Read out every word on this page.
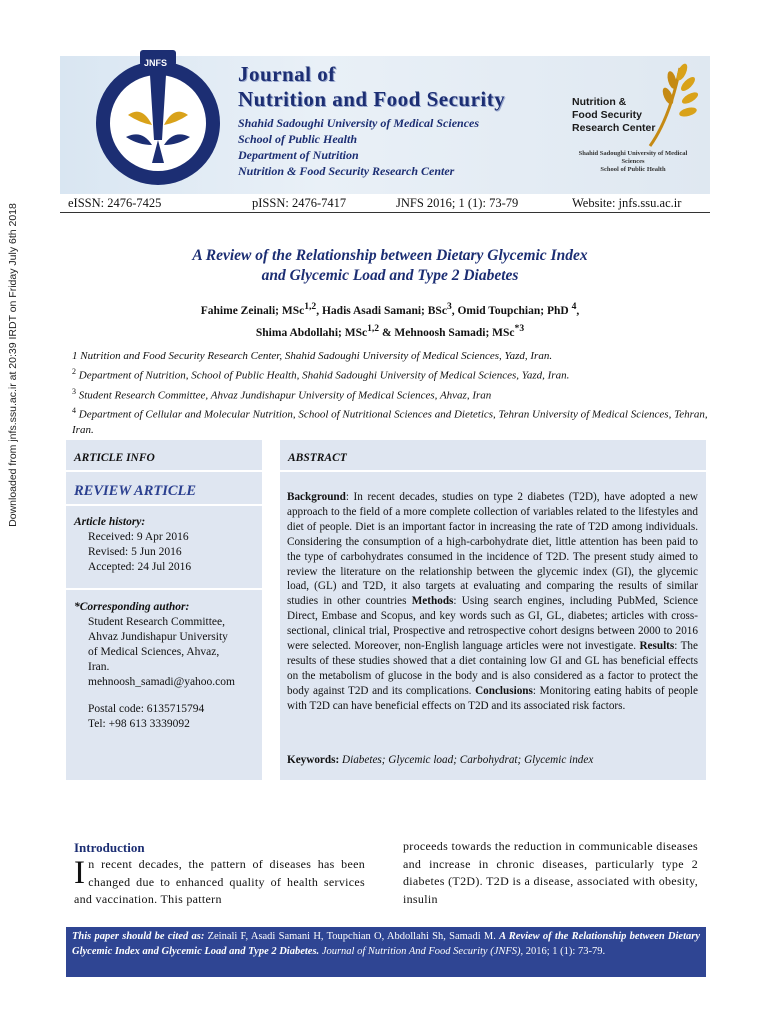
Downloaded from jnfs.ssu.ac.ir at 20:39 IRDT on Friday July 6th 2018
JNFS	Journal of
Nutrition and Food Security
Shahid Sadoughi University of Medical Sciences
School of Public Health
Department of Nutrition
Nutrition & Food Security Research Center
Nutrition &
Food Security
Research Center
Shahid Sadoughi University of Medical Sciences
School of Public Health
eISSN: 2476-7425	pISSN: 2476-7417	JNFS 2016; 1 (1): 73-79	Website: jnfs.ssu.ac.ir
A Review of the Relationship between Dietary Glycemic Index
and Glycemic Load and Type 2 Diabetes
Fahime Zeinali; MSc$^{1,2}$, Hadis Asadi Samani; BSc$^3$, Omid Toupchian; PhD $^4$,
Shima Abdollahi; MSc$^{1,2}$ & Mehnoosh Samadi; MSc$^{*3}$
1 Nutrition and Food Security Research Center, Shahid Sadoughi University of Medical Sciences, Yazd, Iran.
$^2$ Department of Nutrition, School of Public Health, Shahid Sadoughi University of Medical Sciences, Yazd, Iran.
$^3$ Student Research Committee, Ahvaz Jundishapur University of Medical Sciences, Ahvaz, Iran
$^4$ Department of Cellular and Molecular Nutrition, School of Nutritional Sciences and Dietetics, Tehran University of Medical Sciences, Tehran, Iran.
ARTICLE INFO	ABSTRACT
REVIEW ARTICLE
Article history:
Received: 9 Apr 2016
Revised: 5 Jun 2016
Accepted: 24 Jul 2016
*Corresponding author:
Student Research Committee,
Ahvaz Jundishapur University
of Medical Sciences, Ahvaz,
Iran.
mehnoosh_samadi@yahoo.com
Postal code: 6135715794
Tel: +98 613 3339092
Background: In recent decades, studies on type 2 diabetes (T2D), have adopted a new approach to the field of a more complete collection of variables related to the lifestyles and diet of people. Diet is an important factor in increasing the rate of T2D among individuals. Considering the consumption of a high-carbohydrate diet, little attention has been paid to the type of carbohydrates consumed in the incidence of T2D. The present study aimed to review the literature on the relationship between the glycemic index (GI), the glycemic load, (GL) and T2D, it also targets at evaluating and comparing the results of similar studies in other countries Methods: Using search engines, including PubMed, Science Direct, Embase and Scopus, and key words such as GI, GL, diabetes; articles with cross-sectional, clinical trial, Prospective and retrospective cohort designs between 2000 to 2016 were selected. Moreover, non-English language articles were not investigate. Results: The results of these studies showed that a diet containing low GI and GL has beneficial effects on the metabolism of glucose in the body and is also considered as a factor to protect the body against T2D and its complications. Conclusions: Monitoring eating habits of people with T2D can have beneficial effects on T2D and its associated risk factors.
Keywords: Diabetes; Glycemic load; Carbohydrat; Glycemic index
Introduction
In recent decades, the pattern of diseases has been changed due to enhanced quality of health services and vaccination. This pattern
proceeds towards the reduction in communicable diseases and increase in chronic diseases, particularly type 2 diabetes (T2D). T2D is a disease, associated with obesity, insulin
This paper should be cited as: Zeinali F, Asadi Samani H, Toupchian O, Abdollahi Sh, Samadi M. A Review of the Relationship between Dietary Glycemic Index and Glycemic Load and Type 2 Diabetes. Journal of Nutrition And Food Security (JNFS), 2016; 1 (1): 73-79.
